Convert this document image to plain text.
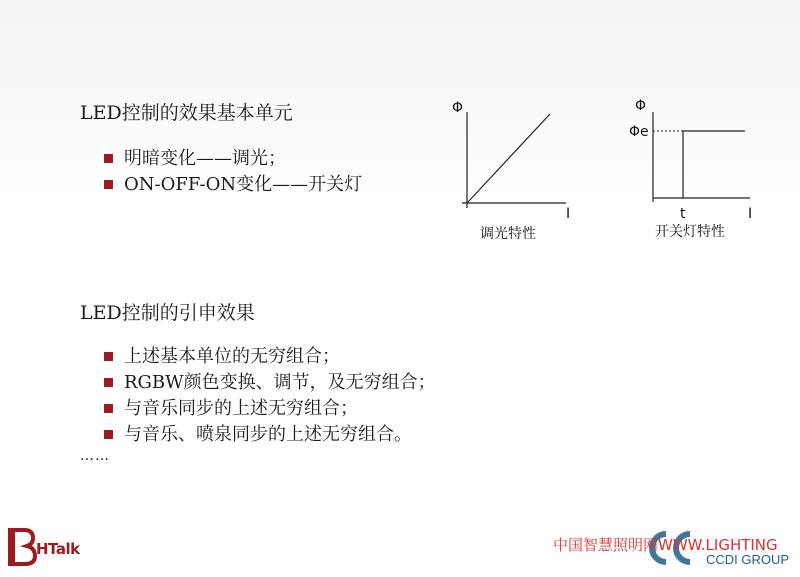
LED控制的效果基本单元
明暗变化——调光；
ON-OFF-ON变化——开关灯
Φ
I
调光特性
Φ
Φe
t	I
开关灯特性
LED控制的引申效果
上述基本单位的无穷组合；
RGBW颜色变换、调节，及无穷组合；
与音乐同步的上述无穷组合；
与音乐、喷泉同步的上述无穷组合。
……
HTalk	中国智慧照明网WWW.LIGHTING
CCDI GROUP
